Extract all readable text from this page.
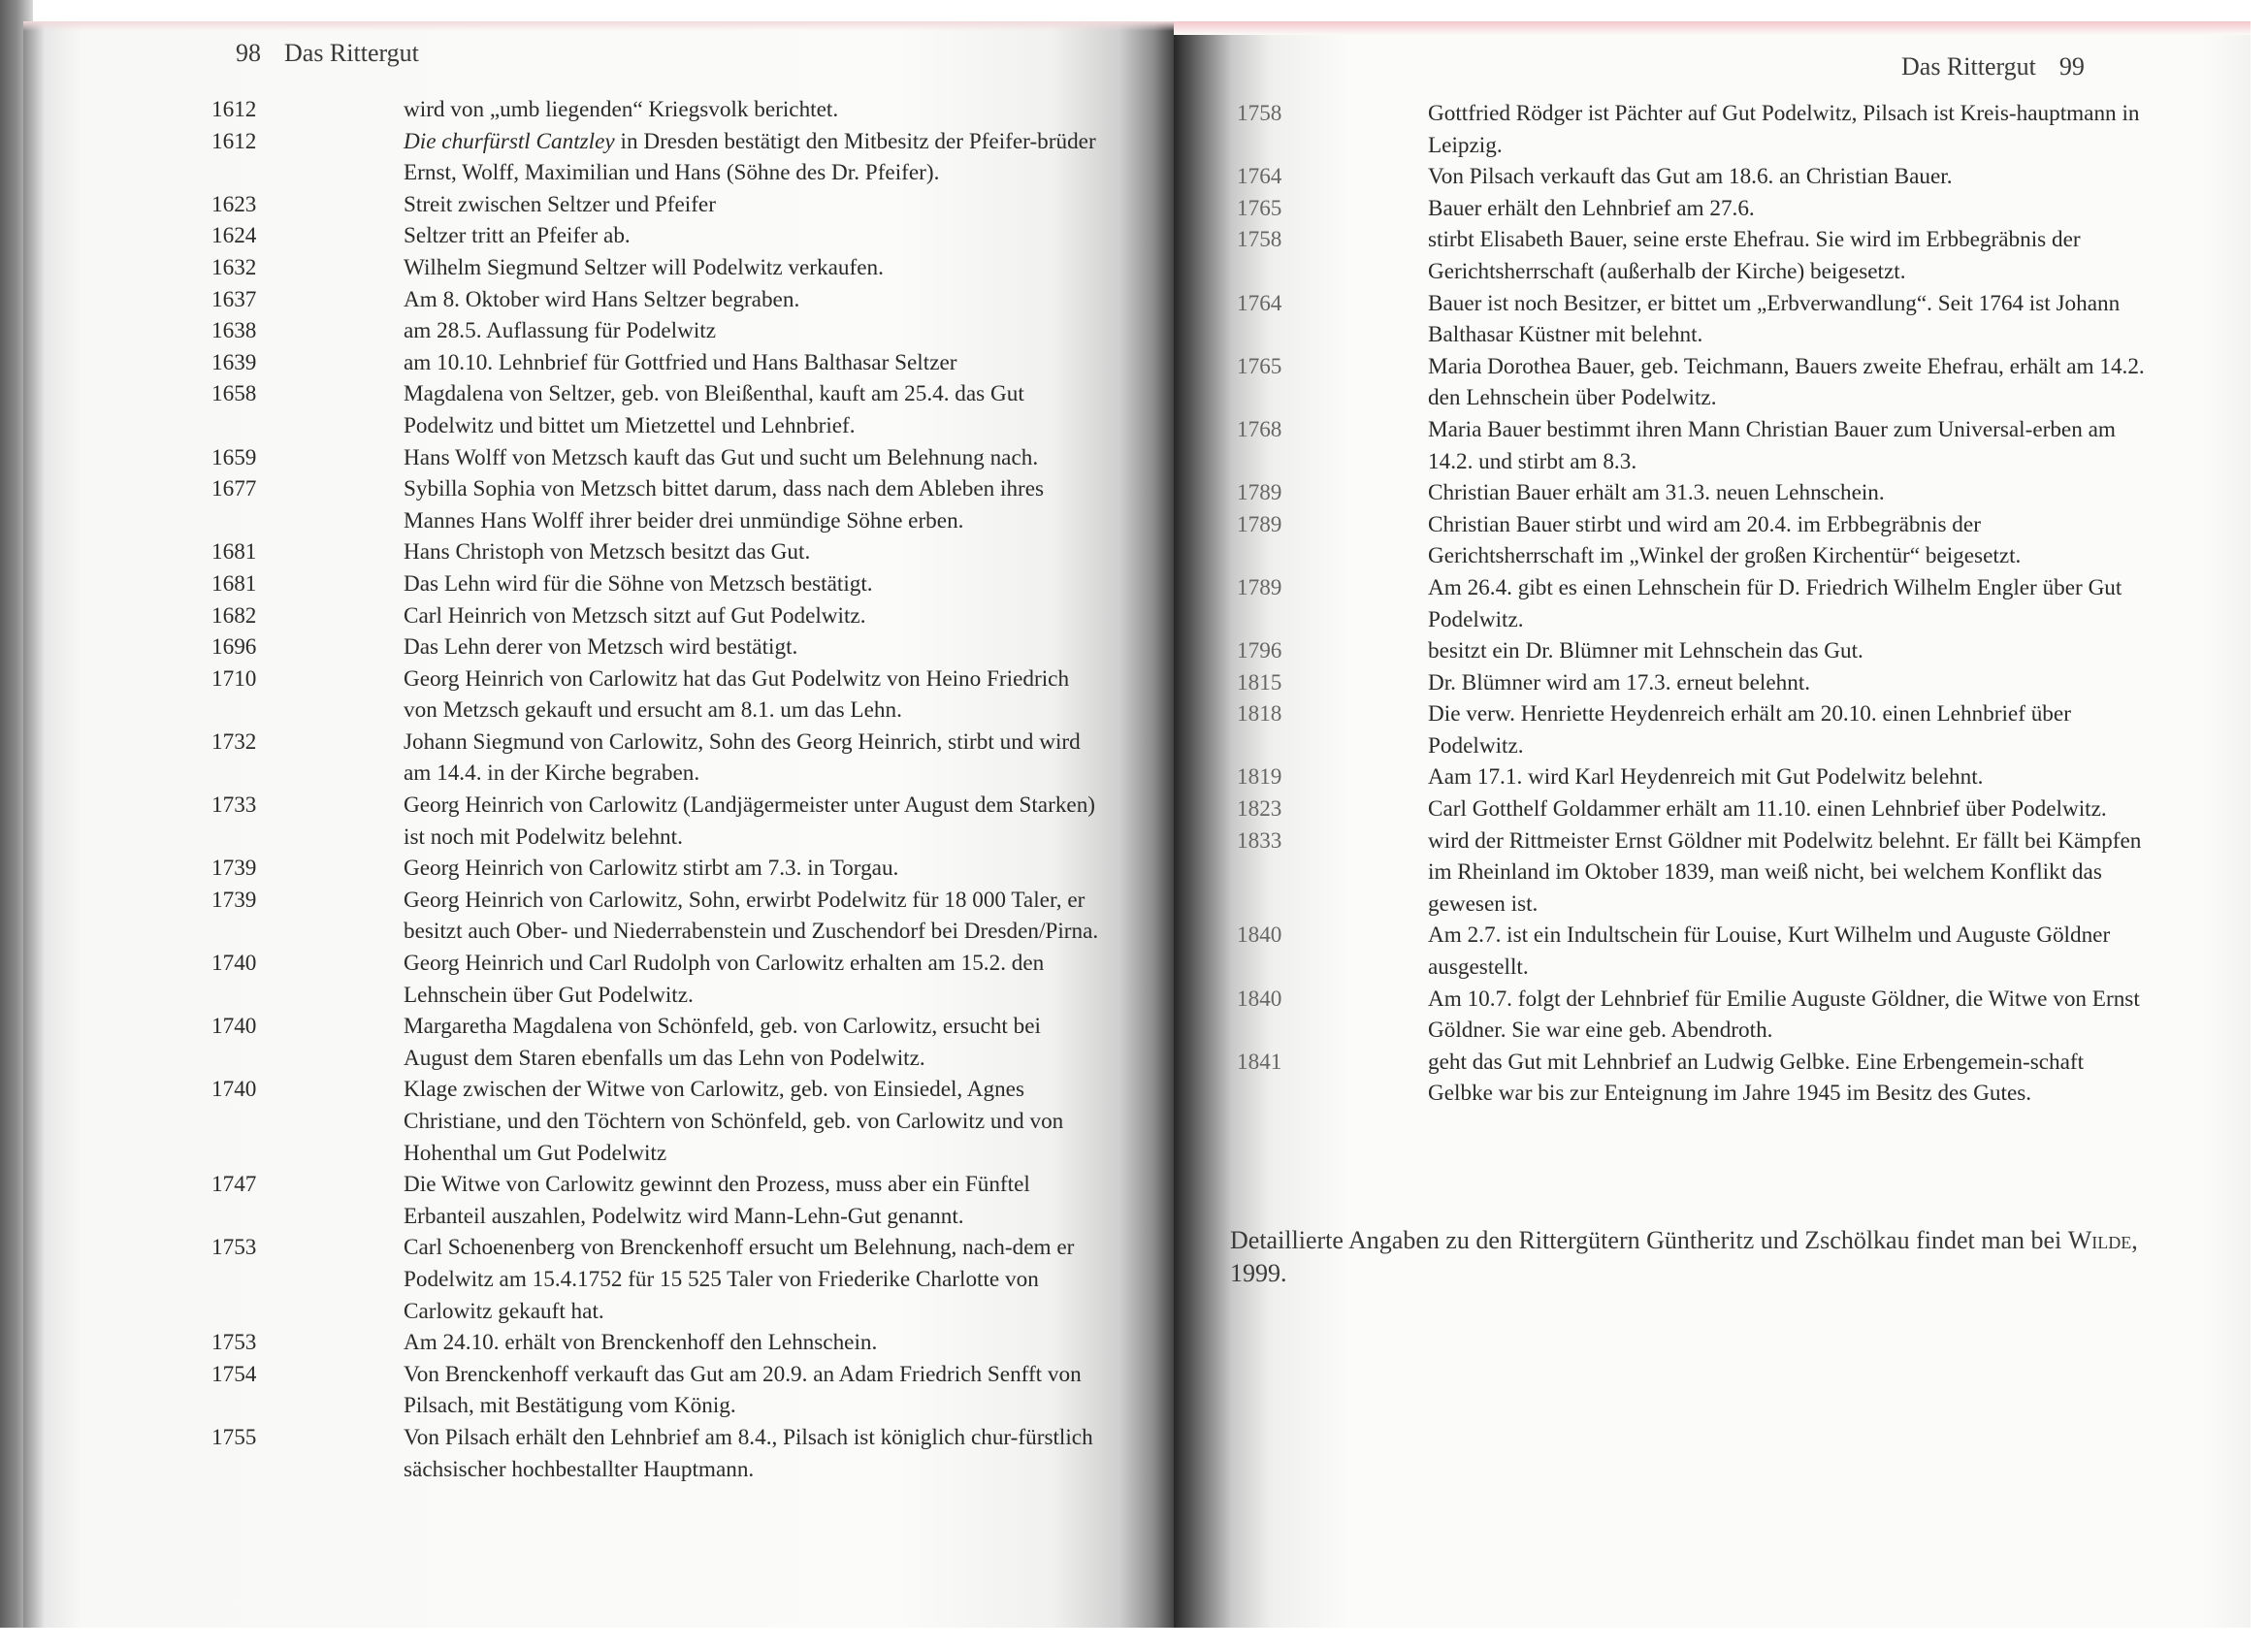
98 Das Rittergut	Das Rittergut 99
1612	wird von „umb liegenden“ Kriegsvolk berichtet.
1612	Die churfürstl Cantzley in Dresden bestätigt den Mitbesitz der Pfeifer-brüder Ernst, Wolff, Maximilian und Hans (Söhne des Dr. Pfeifer).
1623	Streit zwischen Seltzer und Pfeifer
1624	Seltzer tritt an Pfeifer ab.
1632	Wilhelm Siegmund Seltzer will Podelwitz verkaufen.
1637	Am 8. Oktober wird Hans Seltzer begraben.
1638	am 28.5. Auflassung für Podelwitz
1639	am 10.10. Lehnbrief für Gottfried und Hans Balthasar Seltzer
1658	Magdalena von Seltzer, geb. von Bleißenthal, kauft am 25.4. das Gut Podelwitz und bittet um Mietzettel und Lehnbrief.
1659	Hans Wolff von Metzsch kauft das Gut und sucht um Belehnung nach.
1677	Sybilla Sophia von Metzsch bittet darum, dass nach dem Ableben ihres Mannes Hans Wolff ihrer beider drei unmündige Söhne erben.
1681	Hans Christoph von Metzsch besitzt das Gut.
1681	Das Lehn wird für die Söhne von Metzsch bestätigt.
1682	Carl Heinrich von Metzsch sitzt auf Gut Podelwitz.
1696	Das Lehn derer von Metzsch wird bestätigt.
1710	Georg Heinrich von Carlowitz hat das Gut Podelwitz von Heino Friedrich von Metzsch gekauft und ersucht am 8.1. um das Lehn.
1732	Johann Siegmund von Carlowitz, Sohn des Georg Heinrich, stirbt und wird am 14.4. in der Kirche begraben.
1733	Georg Heinrich von Carlowitz (Landjägermeister unter August dem Starken) ist noch mit Podelwitz belehnt.
1739	Georg Heinrich von Carlowitz stirbt am 7.3. in Torgau.
1739	Georg Heinrich von Carlowitz, Sohn, erwirbt Podelwitz für 18 000 Taler, er besitzt auch Ober- und Niederrabenstein und Zuschendorf bei Dresden/Pirna.
1740	Georg Heinrich und Carl Rudolph von Carlowitz erhalten am 15.2. den Lehnschein über Gut Podelwitz.
1740	Margaretha Magdalena von Schönfeld, geb. von Carlowitz, ersucht bei August dem Staren ebenfalls um das Lehn von Podelwitz.
1740	Klage zwischen der Witwe von Carlowitz, geb. von Einsiedel, Agnes Christiane, und den Töchtern von Schönfeld, geb. von Carlowitz und von Hohenthal um Gut Podelwitz
1747	Die Witwe von Carlowitz gewinnt den Prozess, muss aber ein Fünftel Erbanteil auszahlen, Podelwitz wird Mann-Lehn-Gut genannt.
1753	Carl Schoenenberg von Brenckenhoff ersucht um Belehnung, nach-dem er Podelwitz am 15.4.1752 für 15 525 Taler von Friederike Charlotte von Carlowitz gekauft hat.
1753	Am 24.10. erhält von Brenckenhoff den Lehnschein.
1754	Von Brenckenhoff verkauft das Gut am 20.9. an Adam Friedrich Senfft von Pilsach, mit Bestätigung vom König.
1755	Von Pilsach erhält den Lehnbrief am 8.4., Pilsach ist königlich chur-fürstlich sächsischer hochbestallter Hauptmann.
1758	Gottfried Rödger ist Pächter auf Gut Podelwitz, Pilsach ist Kreis-hauptmann in Leipzig.
1764	Von Pilsach verkauft das Gut am 18.6. an Christian Bauer.
1765	Bauer erhält den Lehnbrief am 27.6.
1758	stirbt Elisabeth Bauer, seine erste Ehefrau. Sie wird im Erbbegräbnis der Gerichtsherrschaft (außerhalb der Kirche) beigesetzt.
1764	Bauer ist noch Besitzer, er bittet um „Erbverwandlung“. Seit 1764 ist Johann Balthasar Küstner mit belehnt.
1765	Maria Dorothea Bauer, geb. Teichmann, Bauers zweite Ehefrau, erhält am 14.2. den Lehnschein über Podelwitz.
1768	Maria Bauer bestimmt ihren Mann Christian Bauer zum Universal-erben am 14.2. und stirbt am 8.3.
1789	Christian Bauer erhält am 31.3. neuen Lehnschein.
1789	Christian Bauer stirbt und wird am 20.4. im Erbbegräbnis der Gerichtsherrschaft im „Winkel der großen Kirchentür“ beigesetzt.
1789	Am 26.4. gibt es einen Lehnschein für D. Friedrich Wilhelm Engler über Gut Podelwitz.
1796	besitzt ein Dr. Blümner mit Lehnschein das Gut.
1815	Dr. Blümner wird am 17.3. erneut belehnt.
1818	Die verw. Henriette Heydenreich erhält am 20.10. einen Lehnbrief über Podelwitz.
1819	Aam 17.1. wird Karl Heydenreich mit Gut Podelwitz belehnt.
1823	Carl Gotthelf Goldammer erhält am 11.10. einen Lehnbrief über Podelwitz.
1833	wird der Rittmeister Ernst Göldner mit Podelwitz belehnt. Er fällt bei Kämpfen im Rheinland im Oktober 1839, man weiß nicht, bei welchem Konflikt das gewesen ist.
1840	Am 2.7. ist ein Indultschein für Louise, Kurt Wilhelm und Auguste Göldner ausgestellt.
1840	Am 10.7. folgt der Lehnbrief für Emilie Auguste Göldner, die Witwe von Ernst Göldner. Sie war eine geb. Abendroth.
1841	geht das Gut mit Lehnbrief an Ludwig Gelbke. Eine Erbengemein-schaft Gelbke war bis zur Enteignung im Jahre 1945 im Besitz des Gutes.
Detaillierte Angaben zu den Rittergütern Güntheritz und Zschölkau findet man bei Wilde, 1999.
